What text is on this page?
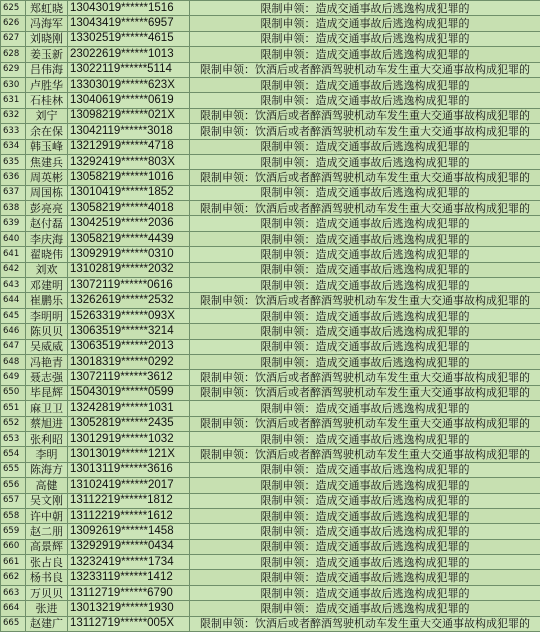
625	郑虹晓	13043019******1516	限制申领：造成交通事故后逃逸构成犯罪的
626	冯海军	13043419******6957	限制申领：造成交通事故后逃逸构成犯罪的
627	刘晓刚	13302519******4615	限制申领：造成交通事故后逃逸构成犯罪的
628	姜玉新	23022619******1013	限制申领：造成交通事故后逃逸构成犯罪的
629	吕伟海	13022119******5114	限制申领：饮酒后或者醉酒驾驶机动车发生重大交通事故构成犯罪的
630	卢胜华	13303019******623X	限制申领：造成交通事故后逃逸构成犯罪的
631	石桂林	13040619******0619	限制申领：造成交通事故后逃逸构成犯罪的
632	刘宁	13098219******021X	限制申领：饮酒后或者醉酒驾驶机动车发生重大交通事故构成犯罪的
633	余在保	13042119******3018	限制申领：饮酒后或者醉酒驾驶机动车发生重大交通事故构成犯罪的
634	韩玉峰	13212919******4718	限制申领：造成交通事故后逃逸构成犯罪的
635	焦建兵	13292419******803X	限制申领：造成交通事故后逃逸构成犯罪的
636	周英彬	13058219******1016	限制申领：饮酒后或者醉酒驾驶机动车发生重大交通事故构成犯罪的
637	周国栋	13010419******1852	限制申领：造成交通事故后逃逸构成犯罪的
638	彭亮亮	13058219******4018	限制申领：饮酒后或者醉酒驾驶机动车发生重大交通事故构成犯罪的
639	赵付磊	13042519******2036	限制申领：造成交通事故后逃逸构成犯罪的
640	李庆海	13058219******4439	限制申领：造成交通事故后逃逸构成犯罪的
641	翟晓伟	13092919******0310	限制申领：造成交通事故后逃逸构成犯罪的
642	刘欢	13102819******2032	限制申领：造成交通事故后逃逸构成犯罪的
643	邓建明	13072119******0616	限制申领：造成交通事故后逃逸构成犯罪的
644	崔鹏乐	13262619******2532	限制申领：饮酒后或者醉酒驾驶机动车发生重大交通事故构成犯罪的
645	李明明	15263319******093X	限制申领：造成交通事故后逃逸构成犯罪的
646	陈贝贝	13063519******3214	限制申领：造成交通事故后逃逸构成犯罪的
647	吴威威	13063519******2013	限制申领：造成交通事故后逃逸构成犯罪的
648	冯艳青	13018319******0292	限制申领：造成交通事故后逃逸构成犯罪的
649	聂志强	13072119******3612	限制申领：饮酒后或者醉酒驾驶机动车发生重大交通事故构成犯罪的
650	毕昆辉	15043019******0599	限制申领：饮酒后或者醉酒驾驶机动车发生重大交通事故构成犯罪的
651	麻卫卫	13242819******1031	限制申领：造成交通事故后逃逸构成犯罪的
652	蔡旭进	13052819******2435	限制申领：饮酒后或者醉酒驾驶机动车发生重大交通事故构成犯罪的
653	张利昭	13012919******1032	限制申领：造成交通事故后逃逸构成犯罪的
654	李明	13013019******121X	限制申领：饮酒后或者醉酒驾驶机动车发生重大交通事故构成犯罪的
655	陈海方	13013119******3616	限制申领：造成交通事故后逃逸构成犯罪的
656	高健	13102419******2017	限制申领：造成交通事故后逃逸构成犯罪的
657	吴文刚	13112219******1812	限制申领：造成交通事故后逃逸构成犯罪的
658	许中朝	13112219******1612	限制申领：造成交通事故后逃逸构成犯罪的
659	赵二朋	13092619******1458	限制申领：造成交通事故后逃逸构成犯罪的
660	高景辉	13292919******0434	限制申领：造成交通事故后逃逸构成犯罪的
661	张占良	13232419******1734	限制申领：造成交通事故后逃逸构成犯罪的
662	杨书良	13233119******1412	限制申领：造成交通事故后逃逸构成犯罪的
663	万贝贝	13112719******6790	限制申领：造成交通事故后逃逸构成犯罪的
664	张进	13013219******1930	限制申领：造成交通事故后逃逸构成犯罪的
665	赵建广	13112719******005X	限制申领：饮酒后或者醉酒驾驶机动车发生重大交通事故构成犯罪的
